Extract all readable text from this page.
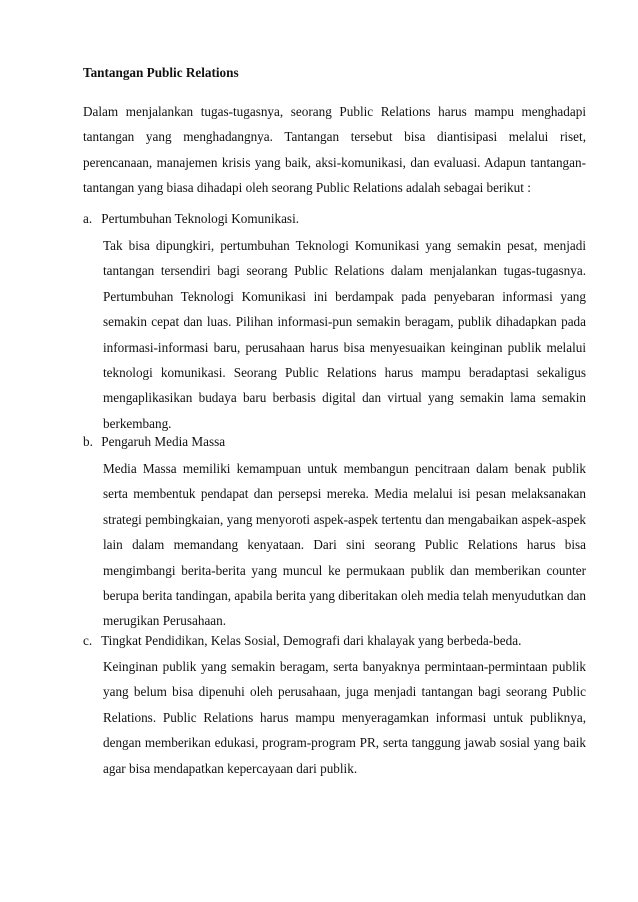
Tantangan Public Relations
Dalam menjalankan tugas-tugasnya, seorang Public Relations harus mampu menghadapi tantangan yang menghadangnya. Tantangan tersebut bisa diantisipasi melalui riset, perencanaan, manajemen krisis yang baik, aksi-komunikasi, dan evaluasi. Adapun tantangan-tantangan yang biasa dihadapi oleh seorang Public Relations adalah sebagai berikut :
a. Pertumbuhan Teknologi Komunikasi.
Tak bisa dipungkiri, pertumbuhan Teknologi Komunikasi yang semakin pesat, menjadi tantangan tersendiri bagi seorang Public Relations dalam menjalankan tugas-tugasnya. Pertumbuhan Teknologi Komunikasi ini berdampak pada penyebaran informasi yang semakin cepat dan luas. Pilihan informasi-pun semakin beragam, publik dihadapkan pada informasi-informasi baru, perusahaan harus bisa menyesuaikan keinginan publik melalui teknologi komunikasi. Seorang Public Relations harus mampu beradaptasi sekaligus mengaplikasikan budaya baru berbasis digital dan virtual yang semakin lama semakin berkembang.
b. Pengaruh Media Massa
Media Massa memiliki kemampuan untuk membangun pencitraan dalam benak publik serta membentuk pendapat dan persepsi mereka. Media melalui isi pesan melaksanakan strategi pembingkaian, yang menyoroti aspek-aspek tertentu dan mengabaikan aspek-aspek lain dalam memandang kenyataan. Dari sini seorang Public Relations harus bisa mengimbangi berita-berita yang muncul ke permukaan publik dan memberikan counter berupa berita tandingan, apabila berita yang diberitakan oleh media telah menyudutkan dan merugikan Perusahaan.
c. Tingkat Pendidikan, Kelas Sosial, Demografi dari khalayak yang berbeda-beda.
Keinginan publik yang semakin beragam, serta banyaknya permintaan-permintaan publik yang belum bisa dipenuhi oleh perusahaan, juga menjadi tantangan bagi seorang Public Relations. Public Relations harus mampu menyeragamkan informasi untuk publiknya, dengan memberikan edukasi, program-program PR, serta tanggung jawab sosial yang baik agar bisa mendapatkan kepercayaan dari publik.
